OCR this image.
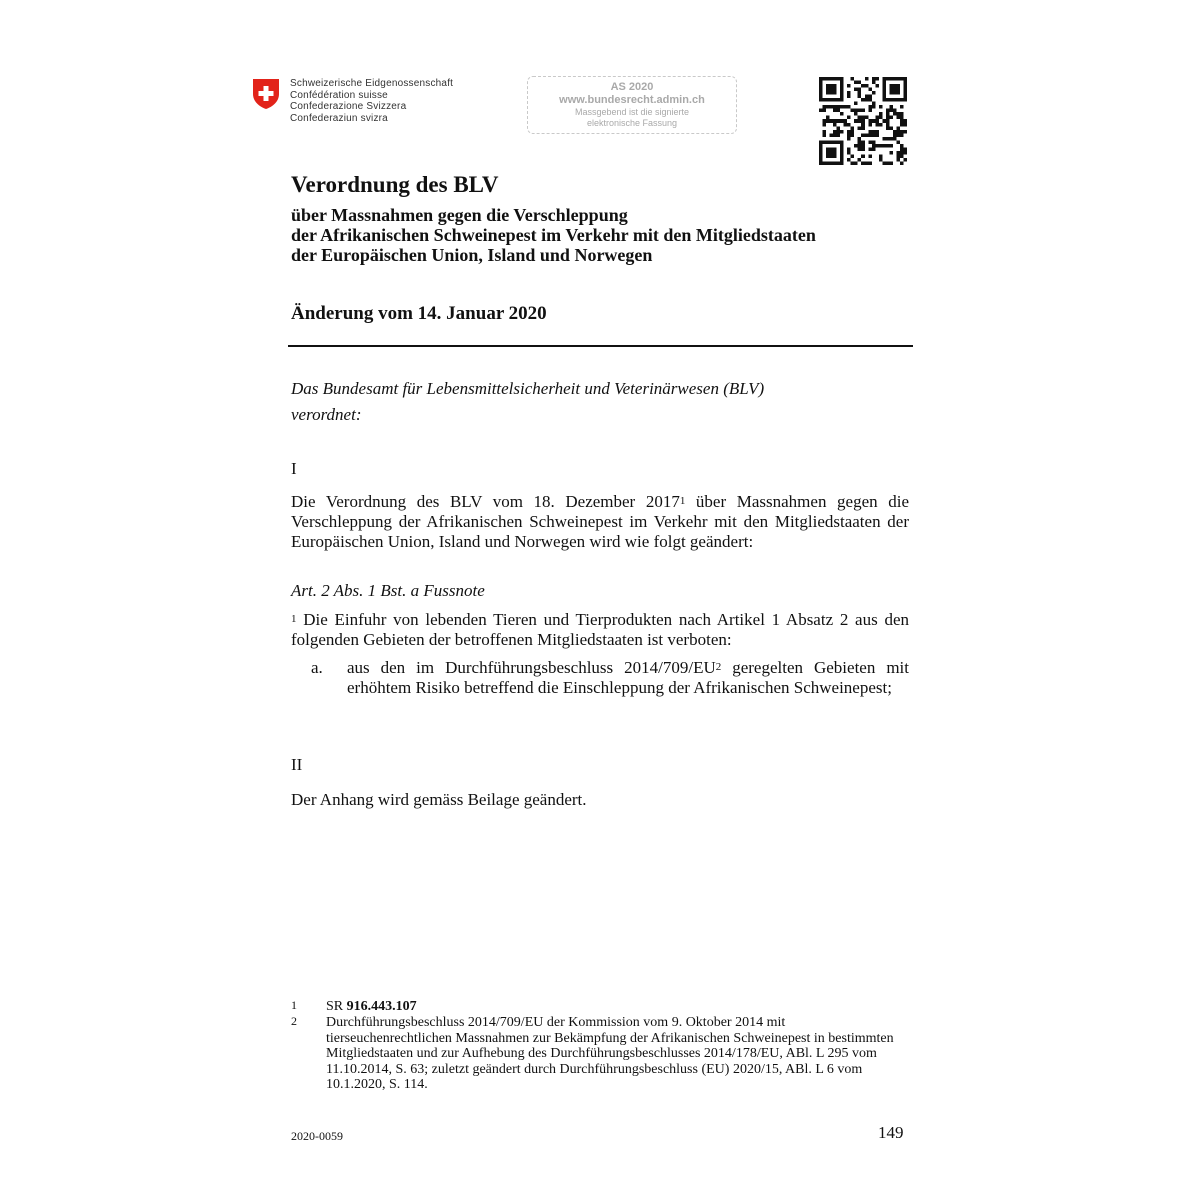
Schweizerische Eidgenossenschaft
Confédération suisse
Confederazione Svizzera
Confederaziun svizra
AS 2020
www.bundesrecht.admin.ch
Massgebend ist die signierte
elektronische Fassung
Verordnung des BLV
über Massnahmen gegen die Verschleppung
der Afrikanischen Schweinepest im Verkehr mit den Mitgliedstaaten
der Europäischen Union, Island und Norwegen
Änderung vom 14. Januar 2020
Das Bundesamt für Lebensmittelsicherheit und Veterinärwesen (BLV)
verordnet:
I
Die Verordnung des BLV vom 18. Dezember 2017$^1$ über Massnahmen gegen die Verschleppung der Afrikanischen Schweinepest im Verkehr mit den Mitgliedstaaten der Europäischen Union, Island und Norwegen wird wie folgt geändert:
Art. 2 Abs. 1 Bst. a Fussnote
$^1$ Die Einfuhr von lebenden Tieren und Tierprodukten nach Artikel 1 Absatz 2 aus den folgenden Gebieten der betroffenen Mitgliedstaaten ist verboten:
a. aus den im Durchführungsbeschluss $2014/709/EU^2$ geregelten Gebieten mit erhöhtem Risiko betreffend die Einschleppung der Afrikanischen Schweinepest;
II
Der Anhang wird gemäss Beilage geändert.
1 SR 916.443.107
2 Durchführungsbeschluss 2014/709/EU der Kommission vom 9. Oktober 2014 mit tierseuchenrechtlichen Massnahmen zur Bekämpfung der Afrikanischen Schweinepest in bestimmten Mitgliedstaaten und zur Aufhebung des Durchführungsbeschlusses 2014/178/EU, ABl. L 295 vom 11.10.2014, S. 63; zuletzt geändert durch Durchführungsbeschluss (EU) 2020/15, ABl. L 6 vom 10.1.2020, S. 114.
2020-0059	149
